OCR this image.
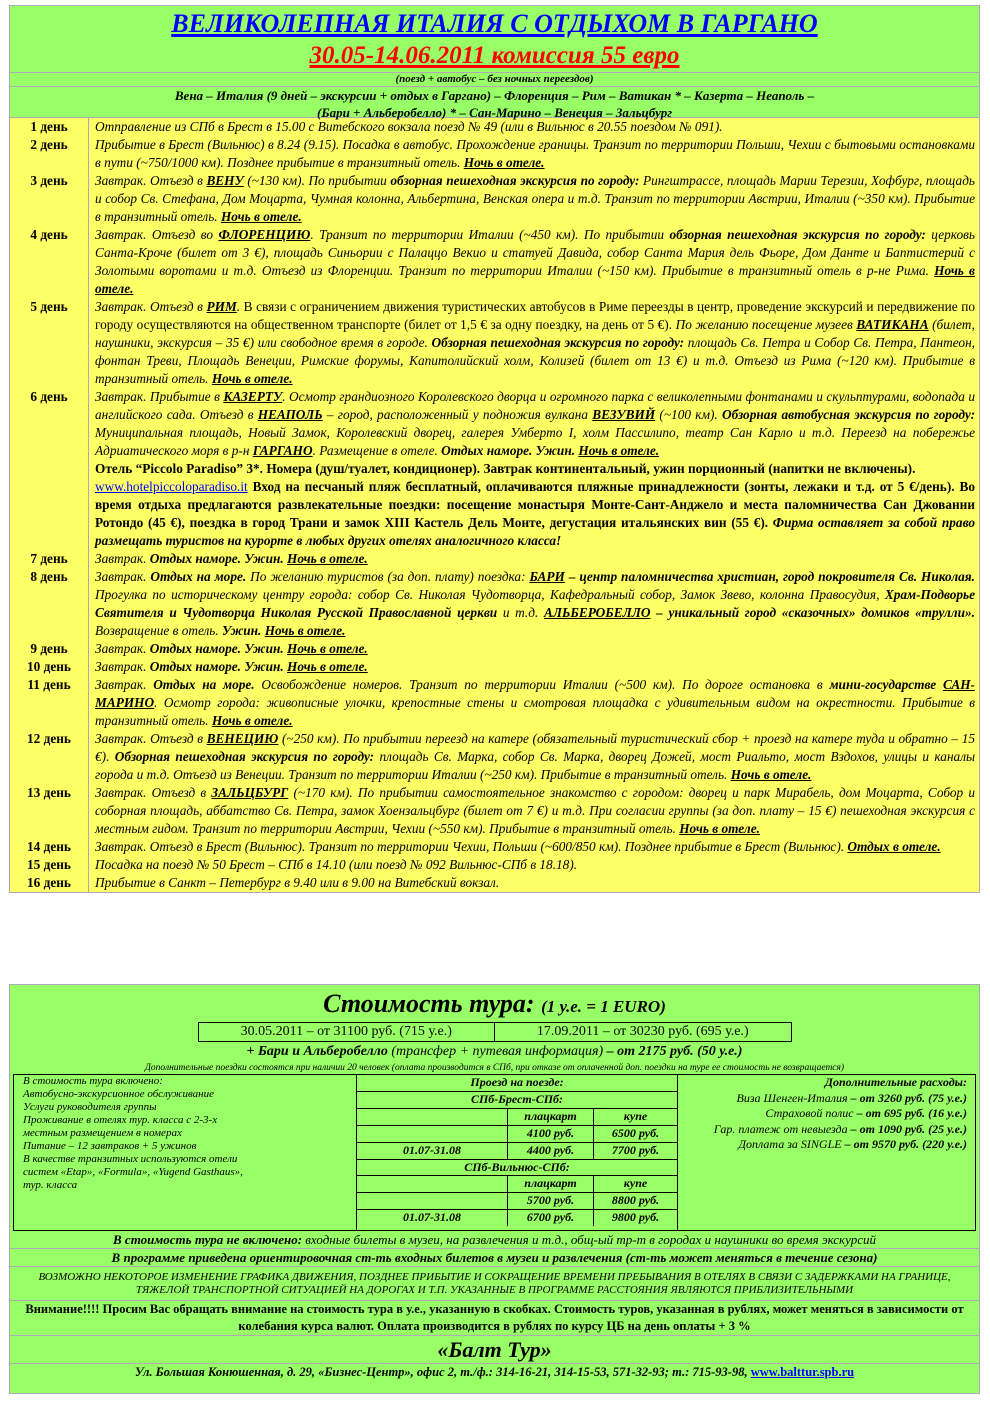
ВЕЛИКОЛЕПНАЯ ИТАЛИЯ С ОТДЫХОМ В ГАРГАНО
30.05-14.06.2011 комиссия 55 евро
(поезд + автобус – без ночных переездов)
Вена – Италия (9 дней – экскурсии + отдых в Гаргано) – Флоренция – Рим – Ватикан * – Казерта – Неаполь –
(Бари + Альберобелло) * – Сан-Марино – Венеция – Зальцбург
1 день	Отправление из СПб в Брест в 15.00 с Витебского вокзала поезд № 49 (или в Вильнюс в 20.55 поездом № 091).
2 день	Прибытие в Брест (Вильнюс) в 8.24 (9.15). Посадка в автобус. Прохождение границы. Транзит по территории Польши, Чехии с бытовыми остановками в пути (~750/1000 км). Позднее прибытие в транзитный отель. Ночь в отеле.
3 день	Завтрак. Отъезд в ВЕНУ (~130 км). По прибытии обзорная пешеходная экскурсия по городу: Рингштрассе, площадь Марии Терезии, Хофбург, площадь и собор Св. Стефана, Дом Моцарта, Чумная колонна, Альбертина, Венская опера и т.д. Транзит по территории Австрии, Италии (~350 км). Прибытие в транзитный отель. Ночь в отеле.
4 день	Завтрак. Отъезд во ФЛОРЕНЦИЮ. Транзит по территории Италии (~450 км). По прибытии обзорная пешеходная экскурсия по городу: церковь Санта-Кроче (билет от 3 €), площадь Синьории с Палаццо Векио и статуей Давида, собор Санта Мария дель Фьоре, Дом Данте и Баптистерий с Золотыми воротами и т.д. Отъезд из Флоренции. Транзит по территории Италии (~150 км). Прибытие в транзитный отель в р-не Рима. Ночь в отеле.
5 день	Завтрак. Отъезд в РИМ. В связи с ограничением движения туристических автобусов в Риме переезды в центр, проведение экскурсий и передвижение по городу осуществляются на общественном транспорте (билет от 1,5 € за одну поездку, на день от 5 €). По желанию посещение музеев ВАТИКАНА (билет, наушники, экскурсия – 35 €) или свободное время в городе. Обзорная пешеходная экскурсия по городу: площадь Св. Петра и Собор Св. Петра, Пантеон, фонтан Треви, Площадь Венеции, Римские форумы, Капитолийский холм, Колизей (билет от 13 €) и т.д. Отъезд из Рима (~120 км). Прибытие в транзитный отель. Ночь в отеле.
6 день	Завтрак. Прибытие в КАЗЕРТУ. Осмотр грандиозного Королевского дворца и огромного парка с великолепными фонтанами и скульптурами, водопада и английского сада. Отъезд в НЕАПОЛЬ – город, расположенный у подножия вулкана ВЕЗУВИЙ (~100 км). Обзорная автобусная экскурсия по городу: Муниципальная площадь, Новый Замок, Королевский дворец, галерея Умберто I, холм Пассилипо, театр Сан Карло и т.д. Переезд на побережье Адриатического моря в р-н ГАРГАНО. Размещение в отеле. Отдых наморе. Ужин. Ночь в отеле.
Отель “Piccolo Paradiso” 3*. Номера (душ/туалет, кондиционер). Завтрак континентальный, ужин порционный (напитки не включены).
www.hotelpiccoloparadiso.it Вход на песчаный пляж бесплатный, оплачиваются пляжные принадлежности (зонты, лежаки и т.д. от 5 €/день). Во время отдыха предлагаются развлекательные поездки: посещение монастыря Монте-Сант-Анджело и места паломничества Сан Джованни Ротондо (45 €), поездка в город Трани и замок XIII Кастель Дель Монте, дегустация итальянских вин (55 €). Фирма оставляет за собой право размещать туристов на курорте в любых других отелях аналогичного класса!
7 день	Завтрак. Отдых наморе. Ужин. Ночь в отеле.
8 день	Завтрак. Отдых на море. По желанию туристов (за доп. плату) поездка: БАРИ – центр паломничества христиан, город покровителя Св. Николая. Прогулка по историческому центру города: собор Св. Николая Чудотворца, Кафедральный собор, Замок Звево, колонна Правосудия, Храм-Подворье Святителя и Чудотворца Николая Русской Православной церкви и т.д. АЛЬБЕРОБЕЛЛО – уникальный город «сказочных» домиков «трулли». Возвращение в отель. Ужин. Ночь в отеле.
9 день	Завтрак. Отдых наморе. Ужин. Ночь в отеле.
10 день	Завтрак. Отдых наморе. Ужин. Ночь в отеле.
11 день	Завтрак. Отдых на море. Освобождение номеров. Транзит по территории Италии (~500 км). По дороге остановка в мини-государстве САН-МАРИНО. Осмотр города: живописные улочки, крепостные стены и смотровая площадка с удивительным видом на окрестности. Прибытие в транзитный отель. Ночь в отеле.
12 день	Завтрак. Отъезд в ВЕНЕЦИЮ (~250 км). По прибытии переезд на катере (обязательный туристический сбор + проезд на катере туда и обратно – 15 €). Обзорная пешеходная экскурсия по городу: площадь Св. Марка, собор Св. Марка, дворец Дожей, мост Риальто, мост Вздохов, улицы и каналы города и т.д. Отъезд из Венеции. Транзит по территории Италии (~250 км). Прибытие в транзитный отель. Ночь в отеле.
13 день	Завтрак. Отъезд в ЗАЛЬЦБУРГ (~170 км). По прибытии самостоятельное знакомство с городом: дворец и парк Мирабель, дом Моцарта, Собор и соборная площадь, аббатство Св. Петра, замок Хоензальцбург (билет от 7 €) и т.д. При согласии группы (за доп. плату – 15 €) пешеходная экскурсия с местным гидом. Транзит по территории Австрии, Чехии (~550 км). Прибытие в транзитный отель. Ночь в отеле.
14 день	Завтрак. Отъезд в Брест (Вильнюс). Транзит по территории Чехии, Польши (~600/850 км). Позднее прибытие в Брест (Вильнюс). Отдых в отеле.
15 день	Посадка на поезд № 50 Брест – СПб в 14.10 (или поезд № 092 Вильнюс-СПб в 18.18).
16 день	Прибытие в Санкт – Петербург в 9.40 или в 9.00 на Витебский вокзал.
Стоимость тура: (1 у.е. = 1 EURO)
30.05.2011 – от 31100 руб. (715 у.е.)	17.09.2011 – от 30230 руб. (695 у.е.)
+ Бари и Альберобелло (трансфер + путевая информация) – от 2175 руб. (50 у.е.)
Дополнительные поездки состоятся при наличии 20 человек (оплата производится в СПб, при отказе от оплаченной доп. поездки на туре ее стоимость не возвращается)
В стоимость тура включено:
Автобусно-экскурсионное обслуживание
Услуги руководителя группы
Проживание в отелях тур. класса с 2-3-х
местным размещением в номерах
Питание – 12 завтраков + 5 ужинов
В качестве транзитных используются отели
систем «Etap», «Formula», «Yugend Gasthaus»,
тур. класса
Проезд на поезде:		
СПб-Брест-СПб:		
	плацкарт	купе
	4100 руб.	6500 руб.
01.07-31.08	4400 руб.	7700 руб.
СПб-Вильнюс-СПб:		
	плацкарт	купе
	5700 руб.	8800 руб.
01.07-31.08	6700 руб.	9800 руб.
Дополнительные расходы:
Виза Шенген-Италия – от 3260 руб. (75 у.е.)
Страховой полис – от 695 руб. (16 у.е.)
Гар. платеж от невыезда – от 1090 руб. (25 у.е.)
Доплата за SINGLE – от 9570 руб. (220 у.е.)
В стоимость тура не включено: входные билеты в музеи, на развлечения и т.д., общ-ый тр-т в городах и наушники во время экскурсий
В программе приведена ориентировочная ст-ть входных билетов в музеи и развлечения (ст-ть может меняться в течение сезона)
ВОЗМОЖНО НЕКОТОРОЕ ИЗМЕНЕНИЕ ГРАФИКА ДВИЖЕНИЯ, ПОЗДНЕЕ ПРИБЫТИЕ И СОКРАЩЕНИЕ ВРЕМЕНИ ПРЕБЫВАНИЯ В ОТЕЛЯХ В СВЯЗИ С ЗАДЕРЖКАМИ НА ГРАНИЦЕ, ТЯЖЕЛОЙ ТРАНСПОРТНОЙ СИТУАЦИЕЙ НА ДОРОГАХ И Т.П. УКАЗАННЫЕ В ПРОГРАММЕ РАССТОЯНИЯ ЯВЛЯЮТСЯ ПРИБЛИЗИТЕЛЬНЫМИ
Внимание!!!! Просим Вас обращать внимание на стоимость тура в у.е., указанную в скобках. Стоимость туров, указанная в рублях, может меняться в зависимости от колебания курса валют. Оплата производится в рублях по курсу ЦБ на день оплаты + 3 %
«Балт Тур»
Ул. Большая Конюшенная, д. 29, «Бизнес-Центр», офис 2, т./ф.: 314-16-21, 314-15-53, 571-32-93; т.: 715-93-98, www.balttur.spb.ru
